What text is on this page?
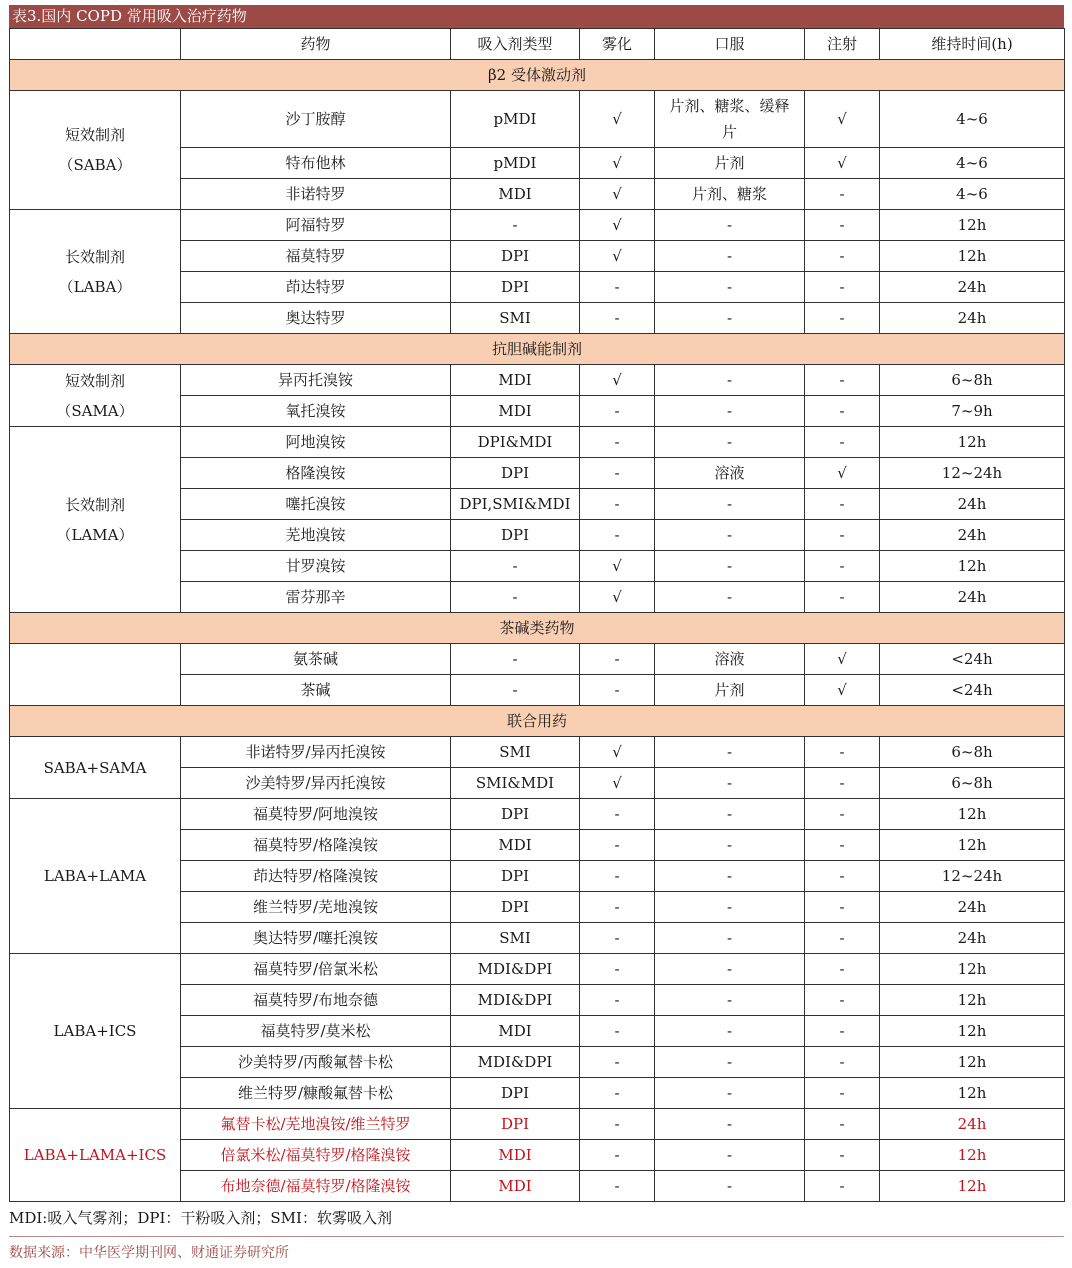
表3.国内 COPD 常用吸入治疗药物
	药物	吸入剂类型	雾化	口服	注射	维持时间(h)
β2 受体激动剂						

短效制剂
（SABA）	沙丁胺醇	pMDI	√	片剂、糖浆、缓释片	√	4~6
	特布他林	pMDI	√	片剂	√	4~6
	非诺特罗	MDI	√	片剂、糖浆	-	4~6

长效制剂
（LABA）	阿福特罗	-	√	-	-	12h
	福莫特罗	DPI	√	-	-	12h
	茚达特罗	DPI	-	-	-	24h
	奥达特罗	SMI	-	-	-	24h
抗胆碱能制剂						

短效制剂
（SAMA）	异丙托溴铵	MDI	√	-	-	6~8h
	氧托溴铵	MDI	-	-	-	7~9h

长效制剂
（LAMA）	阿地溴铵	DPI&MDI	-	-	-	12h
	格隆溴铵	DPI	-	溶液	√	12~24h
	噻托溴铵	DPI,SMI&MDI	-	-	-	24h
	芜地溴铵	DPI	-	-	-	24h
	甘罗溴铵	-	√	-	-	12h
	雷芬那辛	-	√	-	-	24h
茶碱类药物						
	氨茶碱	-	-	溶液	√	<24h
	茶碱	-	-	片剂	√	<24h
联合用药						

SABA+SAMA	非诺特罗/异丙托溴铵	SMI	√	-	-	6~8h
	沙美特罗/异丙托溴铵	SMI&MDI	√	-	-	6~8h

LABA+LAMA	福莫特罗/阿地溴铵	DPI	-	-	-	12h
	福莫特罗/格隆溴铵	MDI	-	-	-	12h
	茚达特罗/格隆溴铵	DPI	-	-	-	12~24h
	维兰特罗/芜地溴铵	DPI	-	-	-	24h
	奥达特罗/噻托溴铵	SMI	-	-	-	24h

LABA+ICS	福莫特罗/倍氯米松	MDI&DPI	-	-	-	12h
	福莫特罗/布地奈德	MDI&DPI	-	-	-	12h
	福莫特罗/莫米松	MDI	-	-	-	12h
	沙美特罗/丙酸氟替卡松	MDI&DPI	-	-	-	12h
	维兰特罗/糠酸氟替卡松	DPI	-	-	-	12h

LABA+LAMA+ICS	氟替卡松/芜地溴铵/维兰特罗	DPI	-	-	-	24h
	倍氯米松/福莫特罗/格隆溴铵	MDI	-	-	-	12h
	布地奈德/福莫特罗/格隆溴铵	MDI	-	-	-	12h
MDI:吸入气雾剂；DPI：干粉吸入剂；SMI：软雾吸入剂
数据来源：中华医学期刊网、财通证券研究所
